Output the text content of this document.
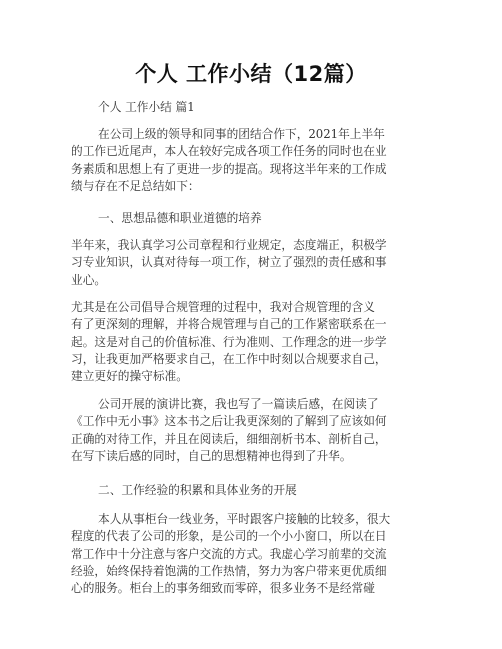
个人 工作小结（12篇）
个人 工作小结 篇1
在公司上级的领导和同事的团结合作下，2021年上半年
的工作已近尾声，本人在较好完成各项工作任务的同时也在业
务素质和思想上有了更进一步的提高。现将这半年来的工作成
绩与存在不足总结如下：
一、思想品德和职业道德的培养
半年来，我认真学习公司章程和行业规定，态度端正，积极学
习专业知识，认真对待每一项工作，树立了强烈的责任感和事
业心。
尤其是在公司倡导合规管理的过程中，我对合规管理的含义
有了更深刻的理解，并将合规管理与自己的工作紧密联系在一
起。这是对自己的价值标准、行为准则、工作理念的进一步学
习，让我更加严格要求自己，在工作中时刻以合规要求自己，
建立更好的操守标准。
公司开展的演讲比赛，我也写了一篇读后感，在阅读了
《工作中无小事》这本书之后让我更深刻的了解到了应该如何
正确的对待工作，并且在阅读后，细细剖析书本、剖析自己，
在写下读后感的同时，自己的思想精神也得到了升华。
二、工作经验的积累和具体业务的开展
本人从事柜台一线业务，平时跟客户接触的比较多，很大
程度的代表了公司的形象，是公司的一个小小窗口，所以在日
常工作中十分注意与客户交流的方式。我虚心学习前辈的交流
经验，始终保持着饱满的工作热情，努力为客户带来更优质细
心的服务。柜台上的事务细致而零碎，很多业务不是经常碰
